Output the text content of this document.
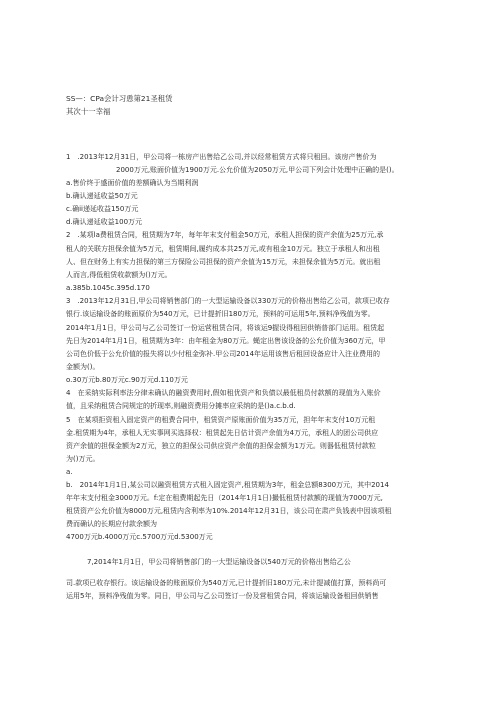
SS—：CPa会计习恿第21圣租赁
其次十一幸福
1　.2013年12月31日，甲公司将一栋房产出售给乙公司,并以经常租赁方式将只租回。该房产售价为
2000万元,账面价值为1900万元.公允价值为2050万元,甲公司下列会计处理中正确的是()。
a.售价终于盛面价值的差额确认为当期利润
b.确认递延收益50万元
c.确ii递延收益150万元
d.确认递延收益100万元
2　.某项la费租赁合同，租赁期为7年，每年年末支付租金50万元，承租人担保的资产余值为25万元,承
租人的关联方担保余值为5万元，租赁期间,履约成本共25万元,或有租金10万元。独立于承租人和出租
人、但在财务上有实力担保的第三方保险公司担保的资产余值为15万元，未担保余值为5万元。就出租
人而言,得低租赁收款额为()万元。
a.385b.1045c.395d.170
3　.2013年12月31日,甲公司将销售部门的一大型运输设备以330万元的价格出售给乙公司，款项已收存
银行.该运输设备的账面原价为540万元，已计提折旧180万元，预料的可运用5年,预料净残值为零。
2014年1月1日，甲公司与乙公司签订一份运营租赁合同，将该运9握设得租回供销普部门运用。租赁起
先日为2014年1月1日，租赁期为3年：由年租金为80万元。蝇定出售该设备的公允价值为360万元，甲
公司色价低于公允价值的报失将以少付租金弥补.甲公司2014年运用该售后租回设备应计入注业费用的
金额为()。
o.30万元b.80万元c.90万元d.110万元
4　在采纳实际利率法分律未确认的融资费用时,假如租优资产和负债以最低租员付款额的现值为入账价
值，且采纳租赁合同规定的折现率,则融资费用分摊率应采纳的是()a.c.b.d.
5　在某项拒资租入固定资产的租费合同中，租赁资产原账面价值为35万元，担年年末支付10万元租
金.租赁期为4年，承租人无实事网买选择权：租赁起先日估计资产余值为4万元，承租人的团公司供应
资产余值的担保金额为2万元，独立的担保公司供应资产余值的担保金额为1万元。则器低租赁付款粒
为()万元。
a.
b.　2014年1月1日,某公司以融资租赁方式租入固定资产,租赁期为3年，租金总额8300万元，其中2014
年年末支付租金3000万元。f:定在租费期起先日（2014年1月1日)撮低租赁付款额的现值为7000万元,
租赁资产公允价值为8000万元,租赁内含利率为10%.2014年12月31日，该公司在肃产负钱表中因该项租
费而确认的长期应付款余额为
4700万元b.4000万元c.5700万元d.5300万元
7,2014年1月1日，甲公司将销售部门的一大型运输设备以540万元的价格出售给乙公
司.款项已收存银行。该运输设备的账面原价为540万元,已计提折旧180万元,未计提减值打算，预料尚可
运用5年，预料净残值为零。同日，甲公司与乙公司签订一份及营租赁合同，将该运输设备租回供销售
